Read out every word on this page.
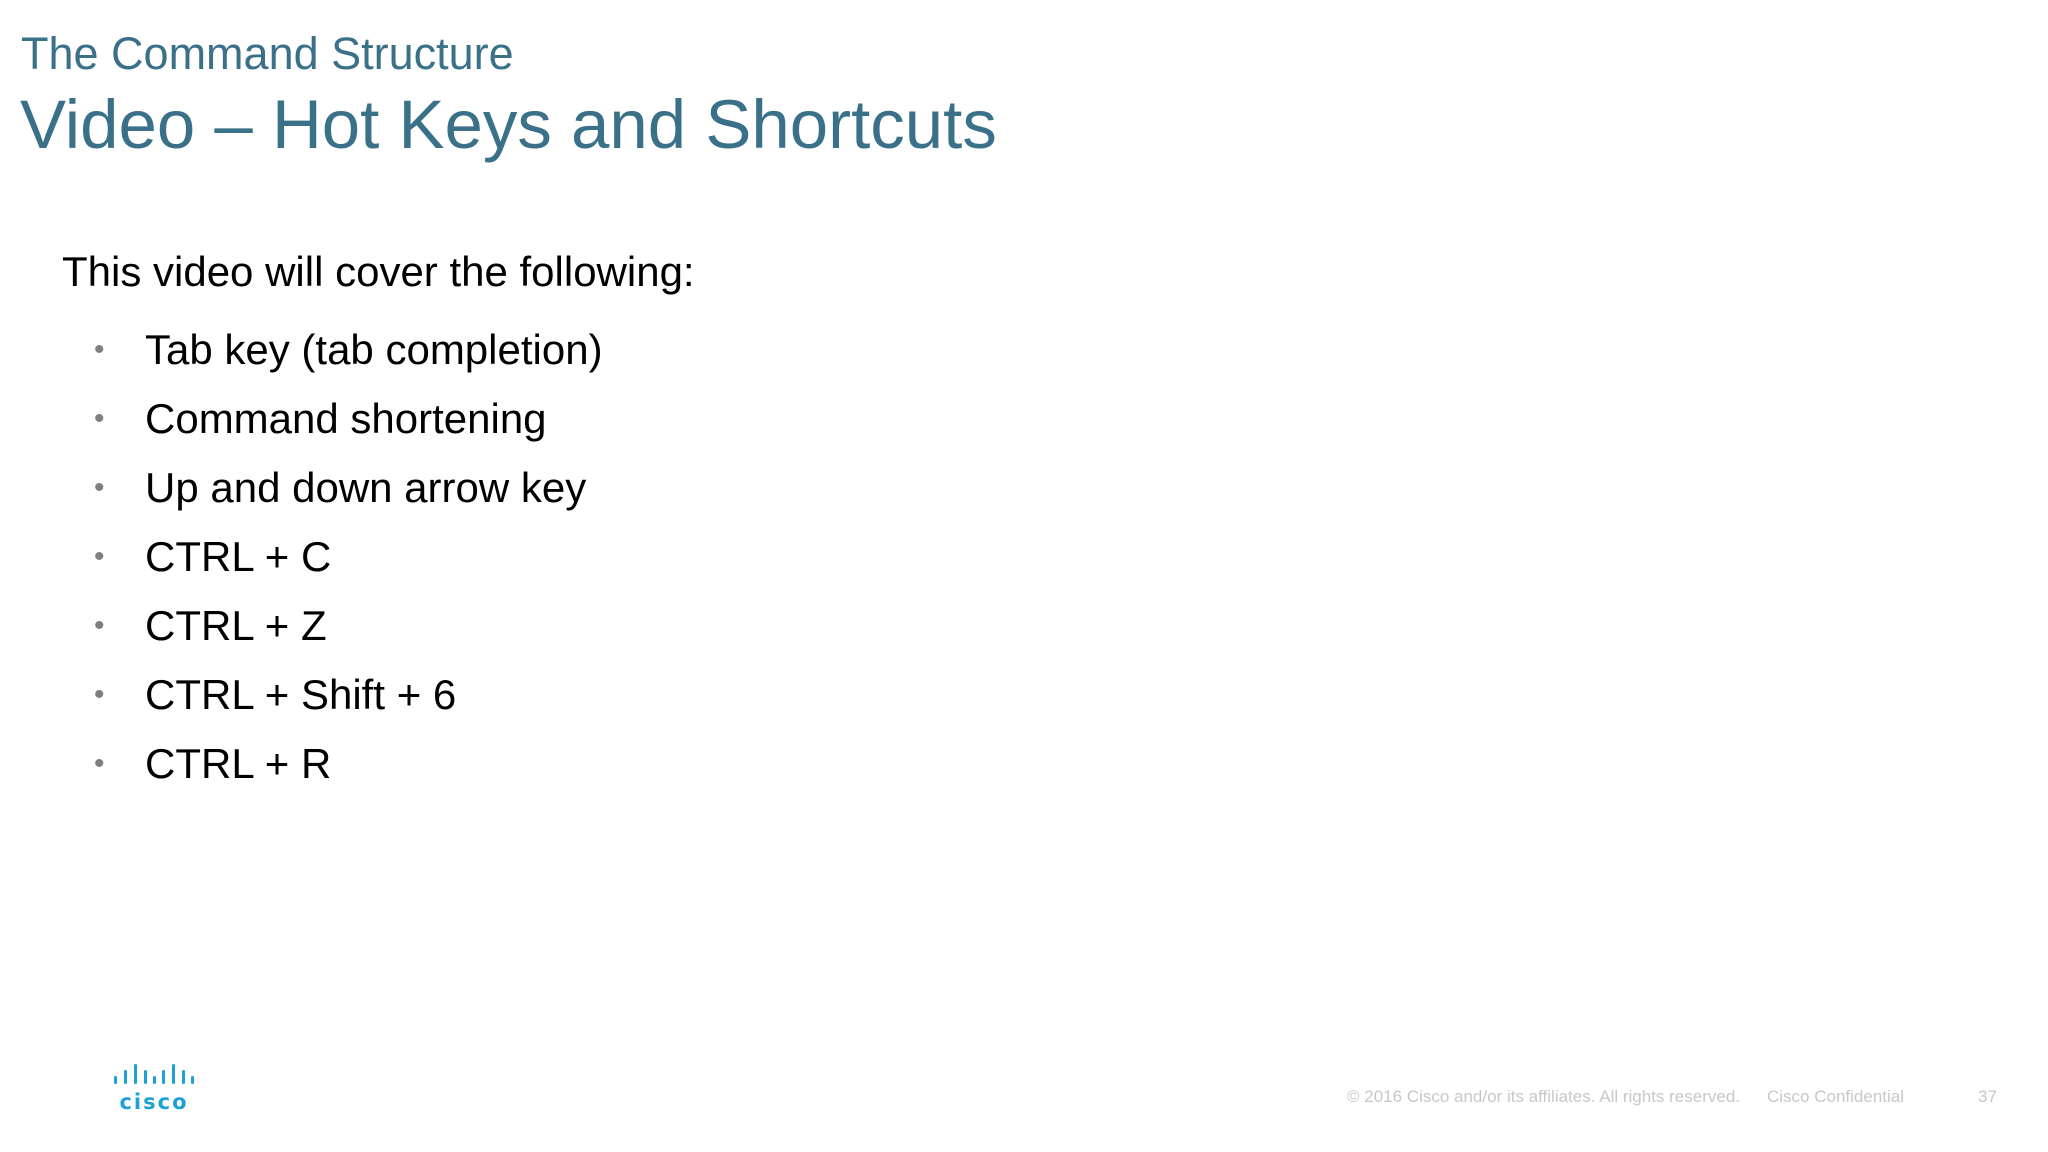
The Command Structure
Video – Hot Keys and Shortcuts
This video will cover the following:
• Tab key (tab completion)
• Command shortening
• Up and down arrow key
• CTRL + C
• CTRL + Z
• CTRL + Shift + 6
• CTRL + R
cisco	© 2016 Cisco and/or its affiliates. All rights reserved. Cisco Confidential	37
